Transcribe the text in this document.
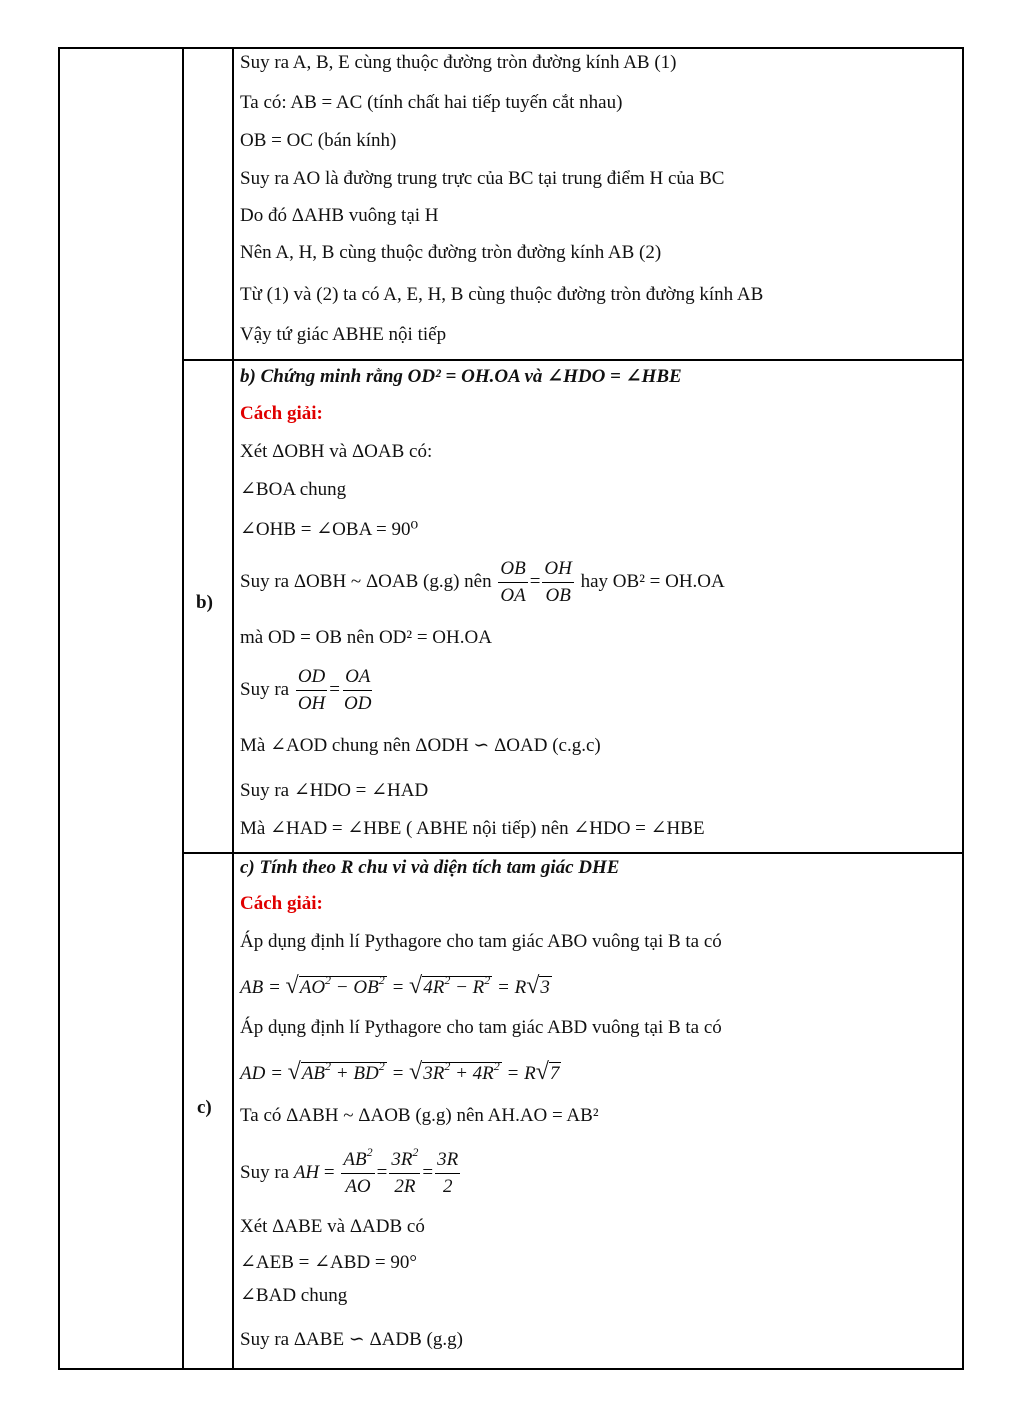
b)
c)
Suy ra A, B, E cùng thuộc đường tròn đường kính AB (1)
Ta có: AB = AC (tính chất hai tiếp tuyến cắt nhau)
OB = OC (bán kính)
Suy ra AO là đường trung trực của BC tại trung điểm H của BC
Do đó ΔAHB vuông tại H
Nên A, H, B cùng thuộc đường tròn đường kính AB (2)
Từ (1) và (2) ta có A, E, H, B cùng thuộc đường tròn đường kính AB
Vậy tứ giác ABHE nội tiếp
b) Chứng minh rằng OD² = OH.OA và ∠HDO = ∠HBE
Cách giải:
Xét ΔOBH và ΔOAB có:
∠BOA chung
∠OHB = ∠OBA = 90⁰
Suy ra ΔOBH ~ ΔOAB (g.g) nên $\frac{OB}{OA} = \frac{OH}{OB}$ hay OB² = OH.OA
mà OD = OB nên OD² = OH.OA
Suy ra $\frac{OD}{OH} = \frac{OA}{OD}$
Mà ∠AOD chung nên ΔODH ∽ ΔOAD (c.g.c)
Suy ra ∠HDO = ∠HAD
Mà ∠HAD = ∠HBE ( ABHE nội tiếp) nên ∠HDO = ∠HBE
c) Tính theo R chu vi và diện tích tam giác DHE
Cách giải:
Áp dụng định lí Pythagore cho tam giác ABO vuông tại B ta có
AB = $√AO^2 - OB^2 = √4R^2 - R^2 = R√3$
Áp dụng định lí Pythagore cho tam giác ABD vuông tại B ta có
AD = $√AB^2 + BD^2 = √3R^2 + 4R^2 = R√7$
Ta có ΔABH ~ ΔAOB (g.g) nên AH.AO = AB²
Suy ra AH = $\frac{AB^2}{AO} = \frac{3R^2}{2R} = \frac{3R}{2}$
Xét ΔABE và ΔADB có
∠AEB = ∠ABD = 90°
∠BAD chung
Suy ra ΔABE ∽ ΔADB (g.g)
